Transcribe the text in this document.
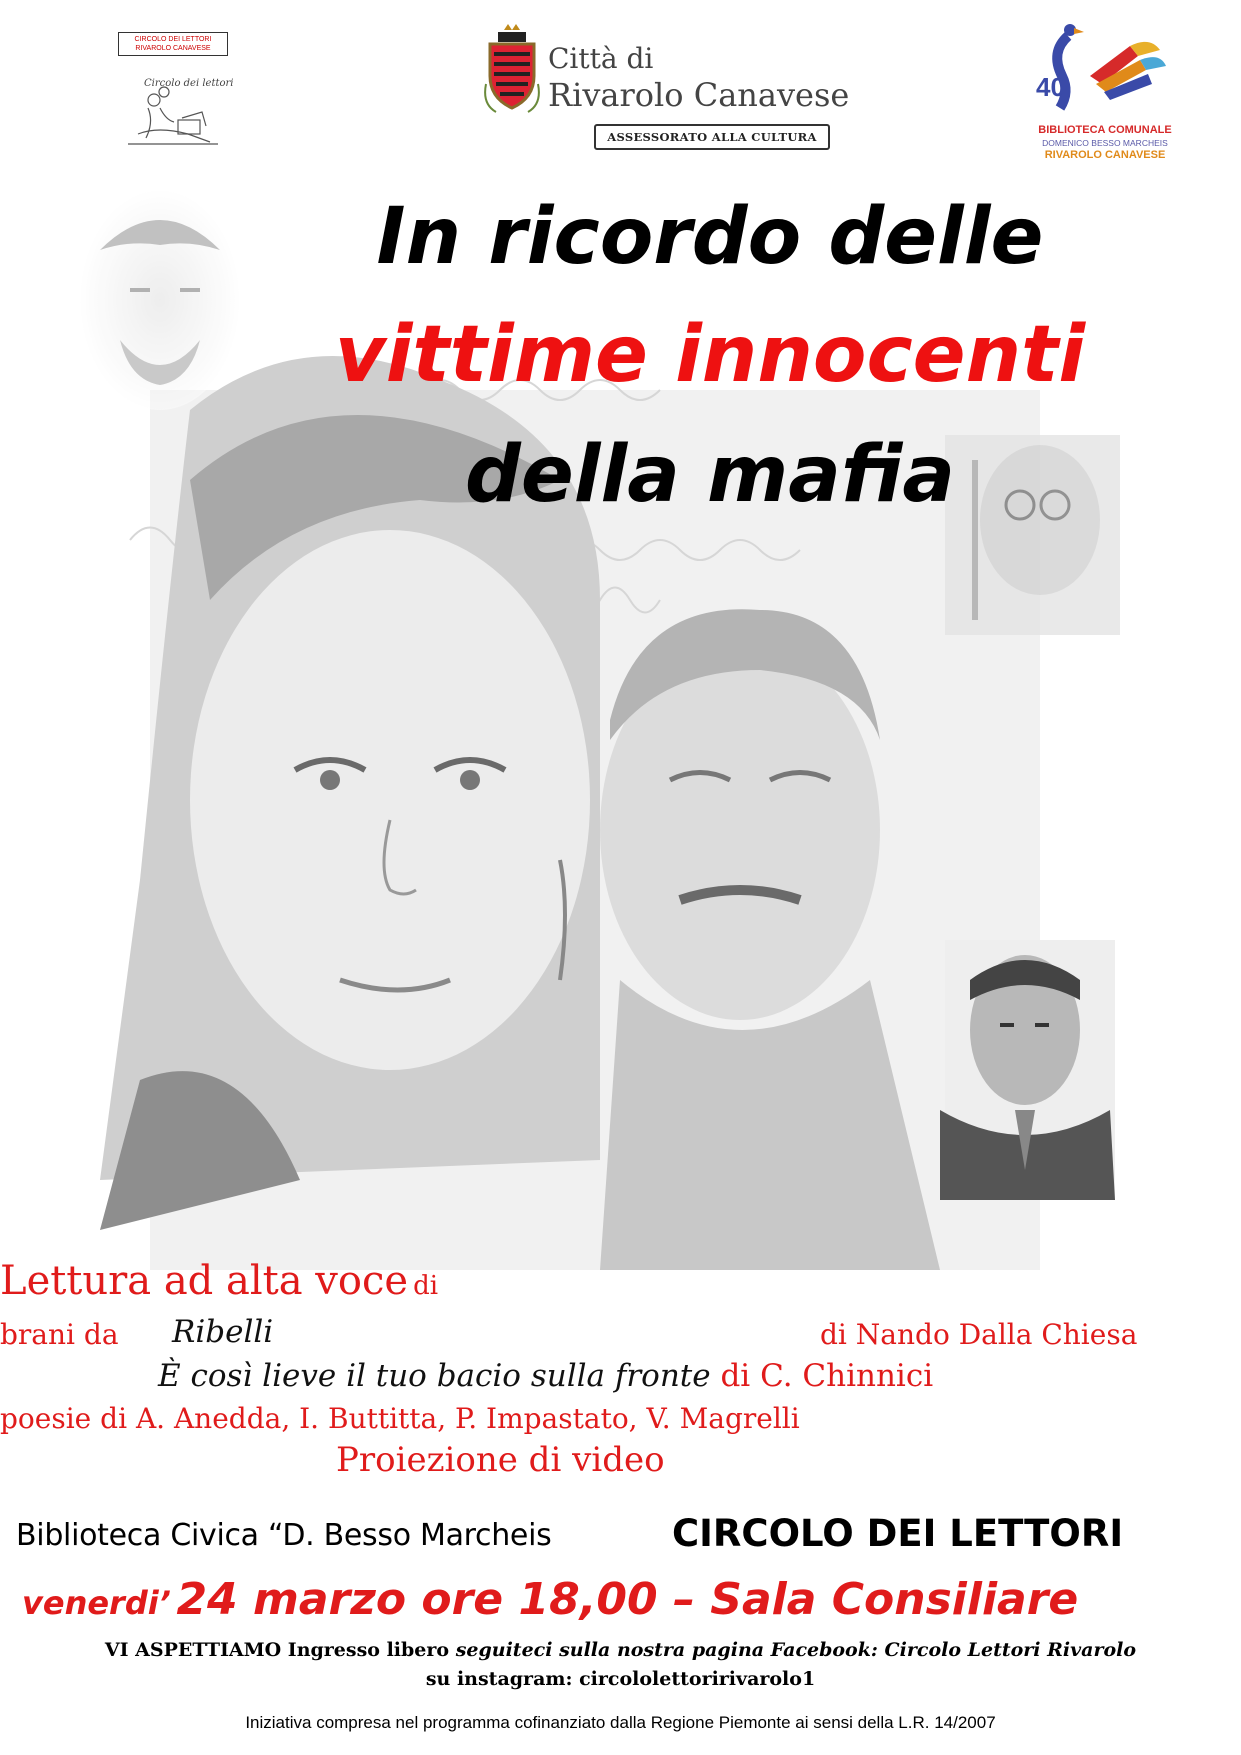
CIRCOLO DEI LETTORI
RIVAROLO CANAVESE
Circolo dei lettori
Città di
Rivarolo Canavese
ASSESSORATO ALLA CULTURA
40
BIBLIOTECA COMUNALE
DOMENICO BESSO MARCHEIS
RIVAROLO CANAVESE
In ricordo delle
vittime innocenti
della mafia
Lettura ad alta voce di
brani da Ribelli	di Nando Dalla Chiesa
È così lieve il tuo bacio sulla fronte di C. Chinnici
poesie di A. Anedda, I. Buttitta, P. Impastato, V. Magrelli
Proiezione di video
Biblioteca Civica “D. Besso Marcheis	CIRCOLO DEI LETTORI
venerdi’ 24 marzo ore 18,00 – Sala Consiliare
VI ASPETTIAMO Ingresso libero seguiteci sulla nostra pagina Facebook: Circolo Lettori Rivarolo
su instagram: circololettoririvarolo1
Iniziativa compresa nel programma cofinanziato dalla Regione Piemonte ai sensi della L.R. 14/2007
